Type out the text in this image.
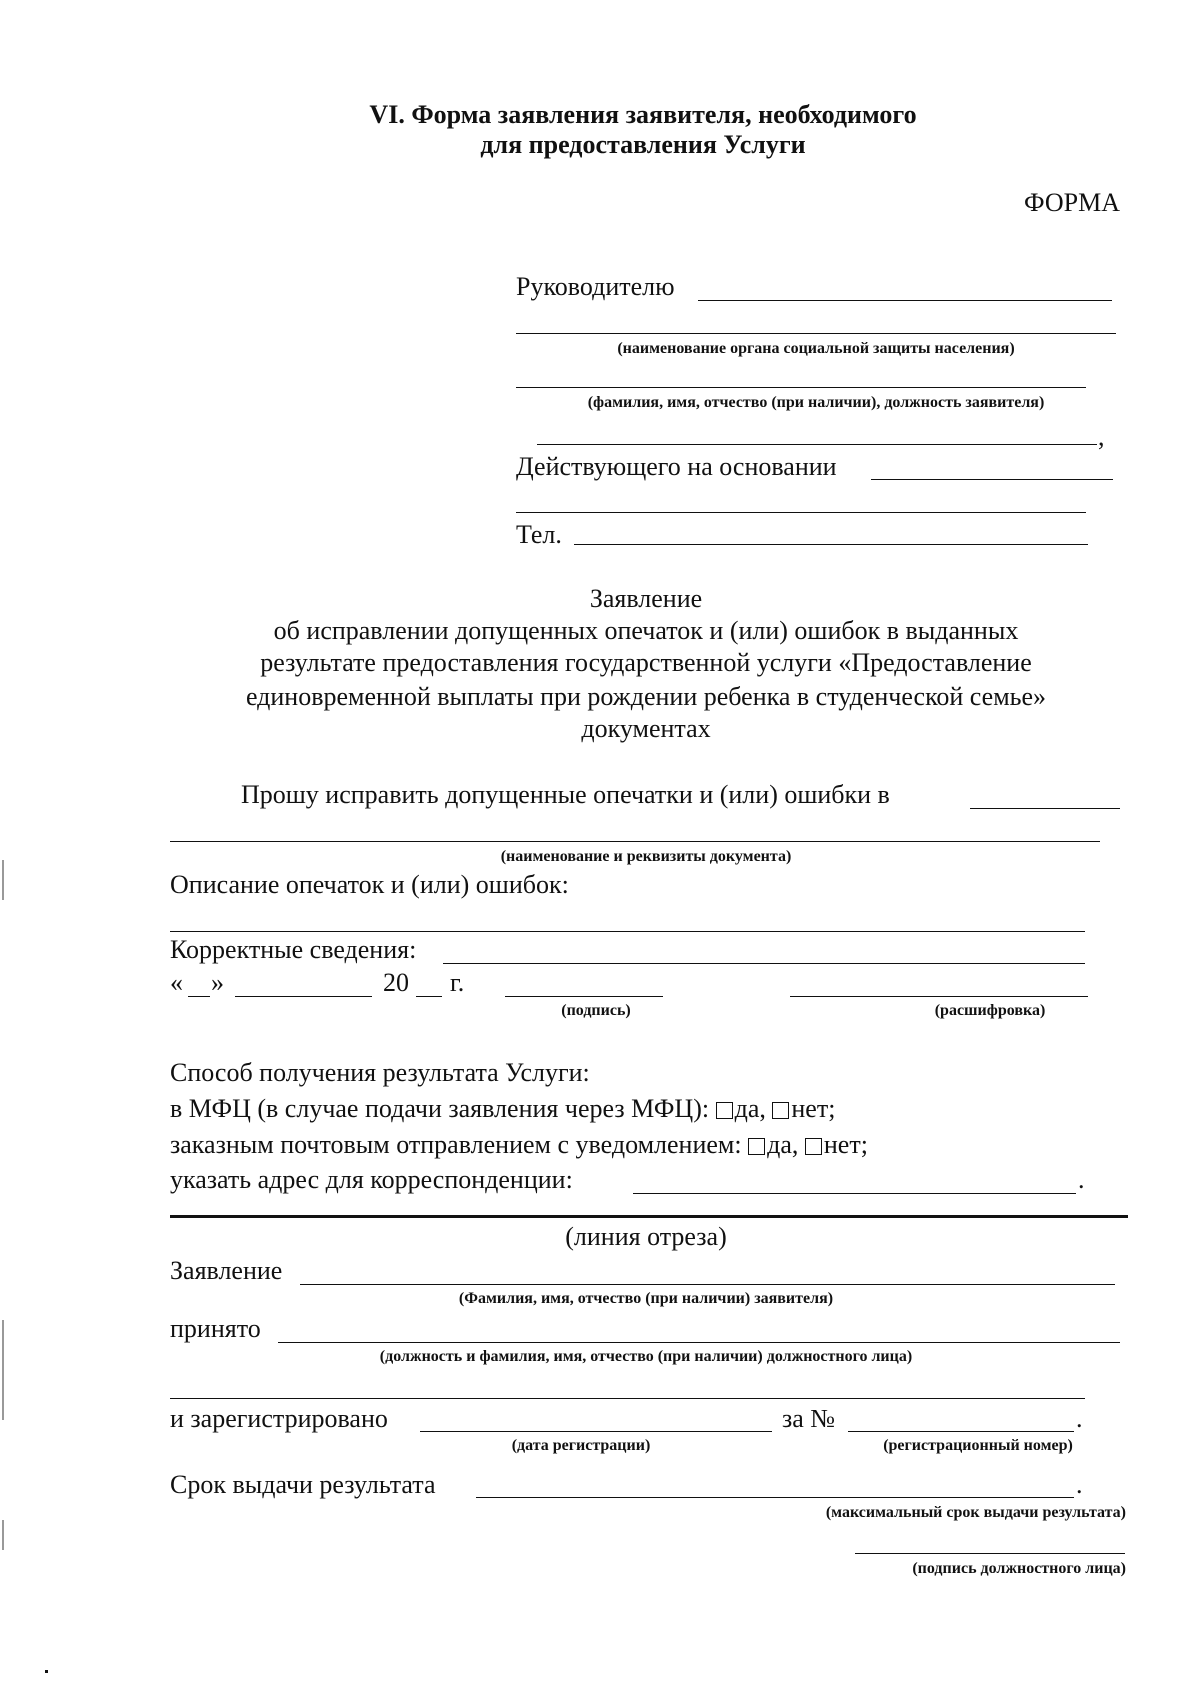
VI. Форма заявления заявителя, необходимого
для предоставления Услуги
ФОРМА
Руководителю
(наименование органа социальной защиты населения)
(фамилия, имя, отчество (при наличии), должность заявителя)
,
Действующего на основании
Тел.
Заявление
об исправлении допущенных опечаток и (или) ошибок в выданных
результате предоставления государственной услуги «Предоставление
единовременной выплаты при рождении ребенка в студенческой семье»
документах
Прошу исправить допущенные опечатки и (или) ошибки в
(наименование и реквизиты документа)
Описание опечаток и (или) ошибок:
Корректные сведения:
« »	20 г.
(подпись)	(расшифровка)
Способ получения результата Услуги:
в МФЦ (в случае подачи заявления через МФЦ): да, нет;
заказным почтовым отправлением с уведомлением: да, нет;
указать адрес для корреспонденции:	.
(линия отреза)
Заявление
(Фамилия, имя, отчество (при наличии) заявителя)
принято
(должность и фамилия, имя, отчество (при наличии) должностного лица)
и зарегистрировано	за №	.
(дата регистрации)	(регистрационный номер)
Срок выдачи результата	.
(максимальный срок выдачи результата)
(подпись должностного лица)
